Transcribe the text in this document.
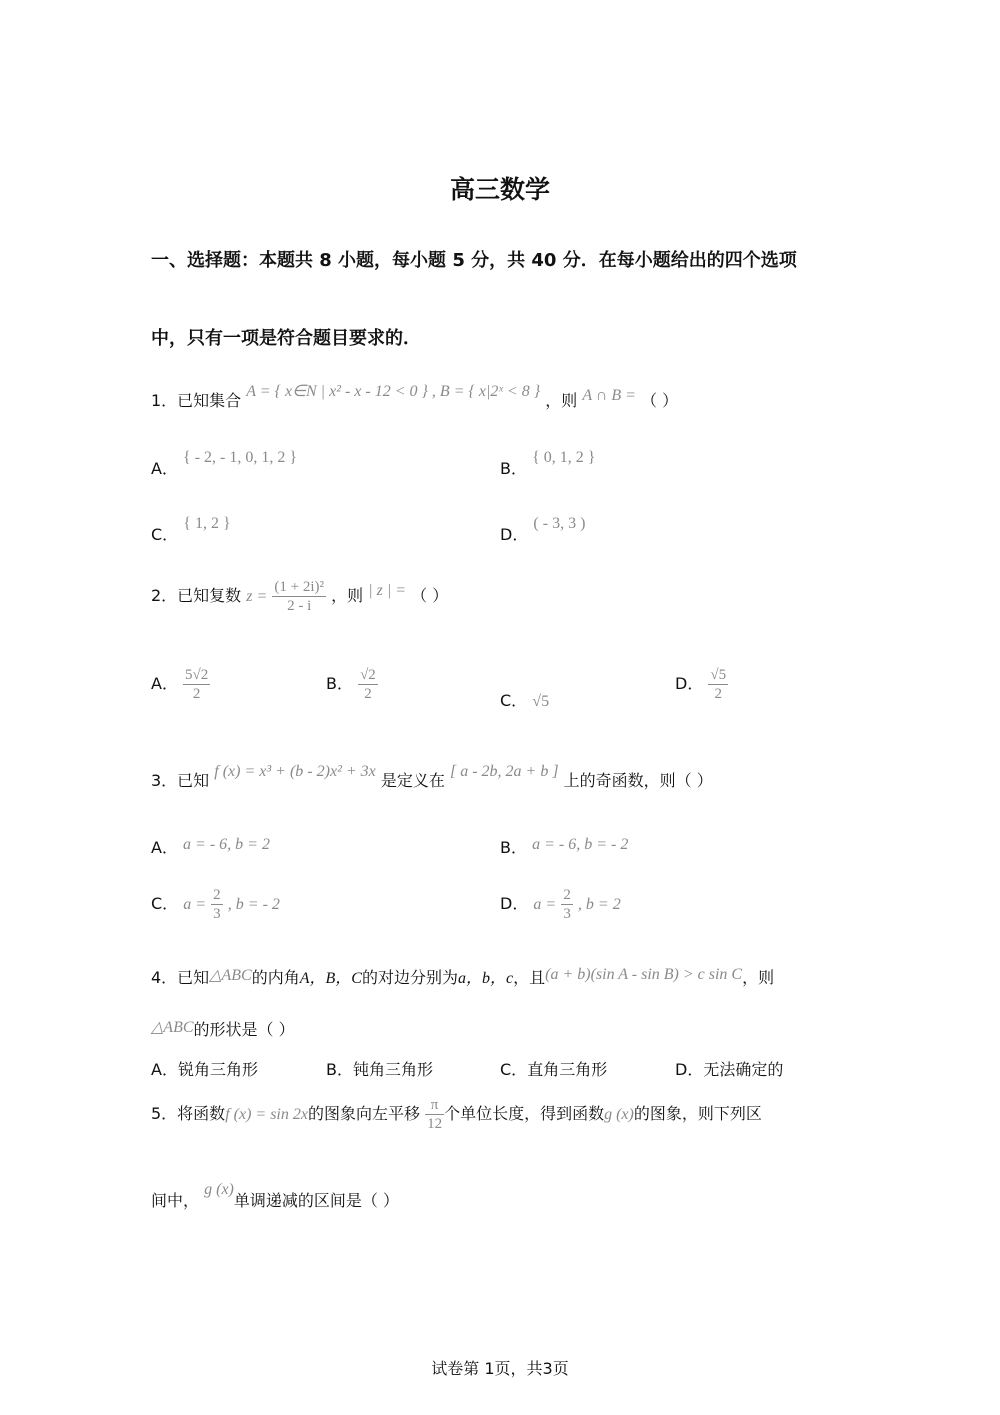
高三数学
一、选择题：本题共 8 小题，每小题 5 分，共 40 分．在每小题给出的四个选项
中，只有一项是符合题目要求的．
1．已知集合 A = { x∈N | x² - x - 12 < 0 } , B = { x|2ˣ < 8 } ，则 A ∩ B = （ ）
A． { - 2, - 1, 0, 1, 2 }
B． { 0, 1, 2 }
C． { 1, 2 }
D． ( - 3, 3 )
2．已知复数 $z = \frac{\text{(1 + 2i)²}}{2 - i}$ ，则 | z | = （ ）
A． $\frac{5√2}{2}$	B． $\frac{√2}{2}$	C． √5
D． $\frac{√5}{2}$
3．已知 f (x) = x³ + (b - 2)x² + 3x 是定义在 [ a - 2b, 2a + b ] 上的奇函数，则（ ）
A． a = - 6, b = 2	B． a = - 6, b = - 2
C． $a = \frac{2}{3}$ , b = - 2	D． $a = \frac{2}{3}$ , b = 2
4．已知△ABC的内角A，B，C的对边分别为a，b，c，且(a + b)(sin A - sin B) > c sin C，则
△ABC的形状是（ ）
A．锐角三角形	B．钝角三角形	C．直角三角形	D．无法确定的
5．将函数f (x) = sin 2x的图象向左平移 $\frac{\pi}{12}$ 个单位长度，得到函数g (x)的图象，则下列区
间中， g (x)单调递减的区间是（ ）
试卷第 1页，共3页
